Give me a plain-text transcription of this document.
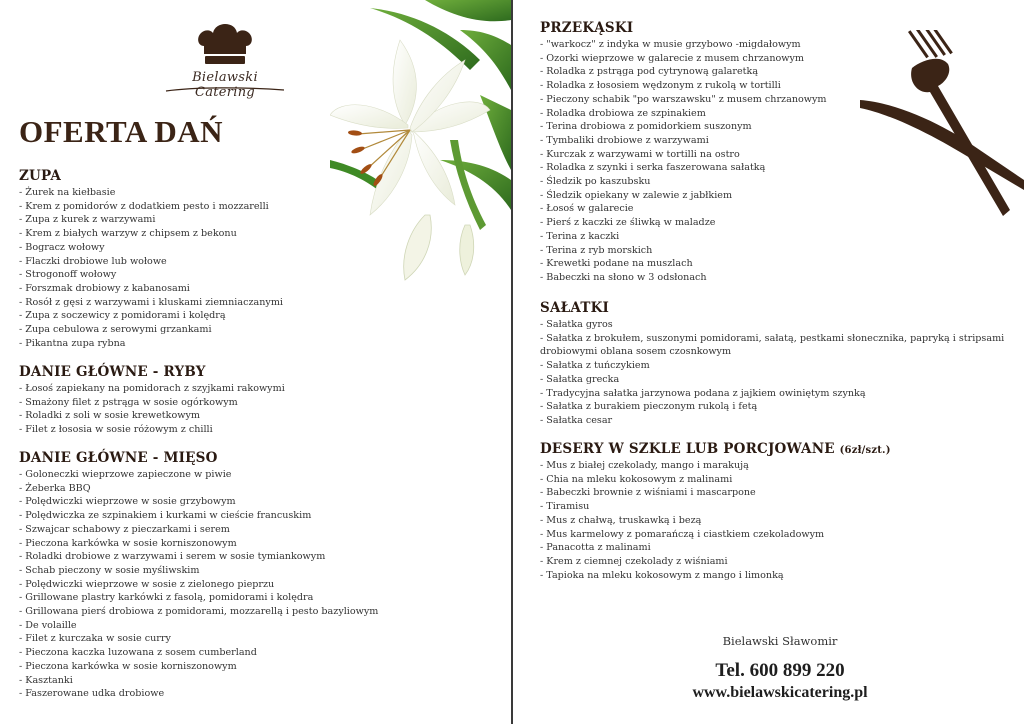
Bielawski Catering
OFERTA DAŃ
ZUPA
- Żurek na kiełbasie
- Krem z pomidorów z dodatkiem pesto i mozzarelli
- Zupa z kurek z warzywami
- Krem z białych warzyw z chipsem z bekonu
- Bogracz wołowy
- Flaczki drobiowe lub wołowe
- Strogonoff wołowy
- Forszmak drobiowy z kabanosami
- Rosół z gęsi z warzywami i kluskami ziemniaczanymi
- Zupa z soczewicy z pomidorami i kolędrą
- Zupa cebulowa z serowymi grzankami
- Pikantna zupa rybna
DANIE GŁÓWNE - RYBY
- Łosoś zapiekany na pomidorach z szyjkami rakowymi
- Smażony filet z pstrąga w sosie ogórkowym
- Roladki z soli w sosie krewetkowym
- Filet z łososia w sosie różowym z chilli
DANIE GŁÓWNE - MIĘSO
- Goloneczki wieprzowe zapieczone w piwie
- Żeberka BBQ
- Polędwiczki wieprzowe w sosie grzybowym
- Polędwiczka ze szpinakiem i kurkami w cieście francuskim
- Szwajcar schabowy z pieczarkami i serem
- Pieczona karkówka w sosie korniszonowym
- Roladki drobiowe z warzywami i serem w sosie tymiankowym
- Schab pieczony w sosie myśliwskim
- Polędwiczki wieprzowe w sosie z zielonego pieprzu
- Grillowane plastry karkówki z fasolą, pomidorami i kolędra
- Grillowana pierś drobiowa z pomidorami, mozzarellą i pesto bazyliowym
- De volaille
- Filet z kurczaka w sosie curry
- Pieczona kaczka luzowana z sosem cumberland
- Pieczona karkówka w sosie korniszonowym
- Kasztanki
- Faszerowane udka drobiowe
PRZEKĄSKI
- "warkocz" z indyka w musie grzybowo -migdałowym
- Ozorki wieprzowe w galarecie z musem chrzanowym
- Roladka z pstrąga pod cytrynową galaretką
- Roladka z łososiem wędzonym z rukolą w tortilli
- Pieczony schabik "po warszawsku" z musem chrzanowym
- Roladka drobiowa ze szpinakiem
- Terina drobiowa z pomidorkiem suszonym
- Tymbaliki drobiowe z warzywami
- Kurczak z warzywami w tortilli na ostro
- Roladka z szynki i serka faszerowana sałatką
- Śledzik po kaszubsku
- Śledzik opiekany w zalewie z jabłkiem
- Łosoś w galarecie
- Pierś z kaczki ze śliwką w maladze
- Terina z kaczki
- Terina z ryb morskich
- Krewetki podane na muszlach
- Babeczki na słono w 3 odsłonach
SAŁATKI
- Sałatka gyros
- Sałatka z brokułem, suszonymi pomidorami, sałatą, pestkami słonecznika, papryką i stripsami drobiowymi oblana sosem czosnkowym
- Sałatka z tuńczykiem
- Sałatka grecka
- Tradycyjna sałatka jarzynowa podana z jajkiem owiniętym szynką
- Sałatka z burakiem pieczonym rukolą i fetą
- Sałatka cesar
DESERY W SZKLE LUB PORCJOWANE (6zł/szt.)
- Mus z białej czekolady, mango i marakują
- Chia na mleku kokosowym z malinami
- Babeczki brownie z wiśniami i mascarpone
- Tiramisu
- Mus z chałwą, truskawką i bezą
- Mus karmelowy z pomarańczą i ciastkiem czekoladowym
- Panacotta z malinami
- Krem z ciemnej czekolady z wiśniami
- Tapioka na mleku kokosowym z mango i limonką
Bielawski Sławomir
Tel. 600 899 220
www.bielawskicatering.pl
